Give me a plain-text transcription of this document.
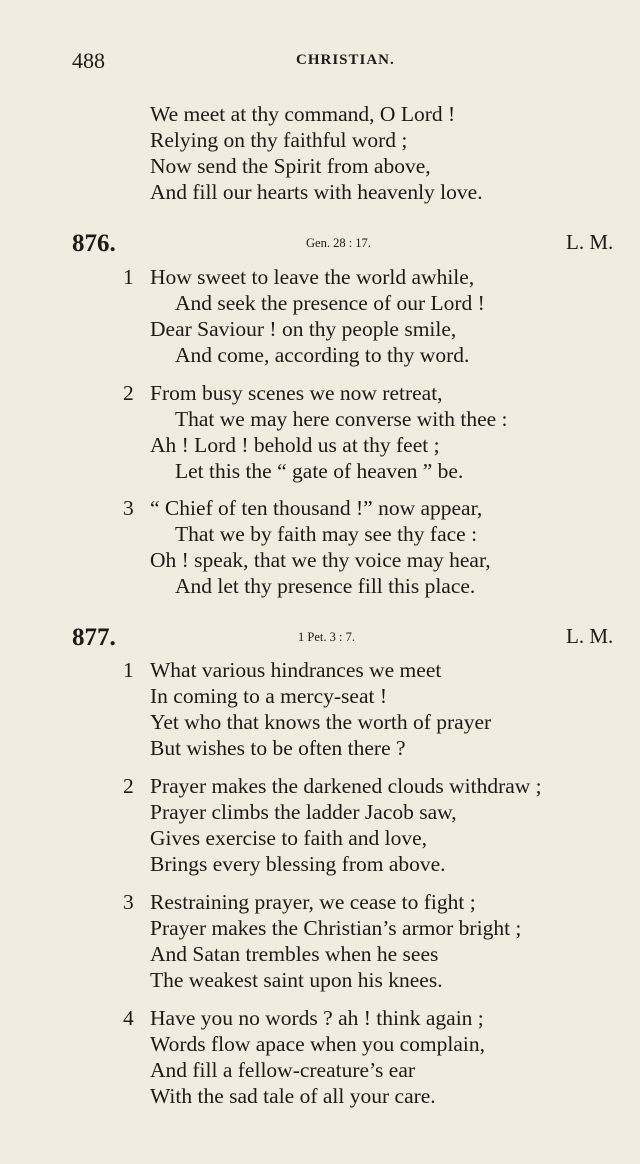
488	CHRISTIAN.
We meet at thy command, O Lord !
Relying on thy faithful word ;
Now send the Spirit from above,
And fill our hearts with heavenly love.
876.	Gen. 28 : 17.	L. M.
1 How sweet to leave the world awhile,
And seek the presence of our Lord !
Dear Saviour ! on thy people smile,
And come, according to thy word.
2 From busy scenes we now retreat,
That we may here converse with thee :
Ah ! Lord ! behold us at thy feet ;
Let this the “ gate of heaven ” be.
3 “ Chief of ten thousand !” now appear,
That we by faith may see thy face :
Oh ! speak, that we thy voice may hear,
And let thy presence fill this place.
877.	1 Pet. 3 : 7.	L. M.
1 What various hindrances we meet
In coming to a mercy-seat !
Yet who that knows the worth of prayer
But wishes to be often there ?
2 Prayer makes the darkened clouds withdraw ;
Prayer climbs the ladder Jacob saw,
Gives exercise to faith and love,
Brings every blessing from above.
3 Restraining prayer, we cease to fight ;
Prayer makes the Christian’s armor bright ;
And Satan trembles when he sees
The weakest saint upon his knees.
4 Have you no words ? ah ! think again ;
Words flow apace when you complain,
And fill a fellow-creature’s ear
With the sad tale of all your care.
